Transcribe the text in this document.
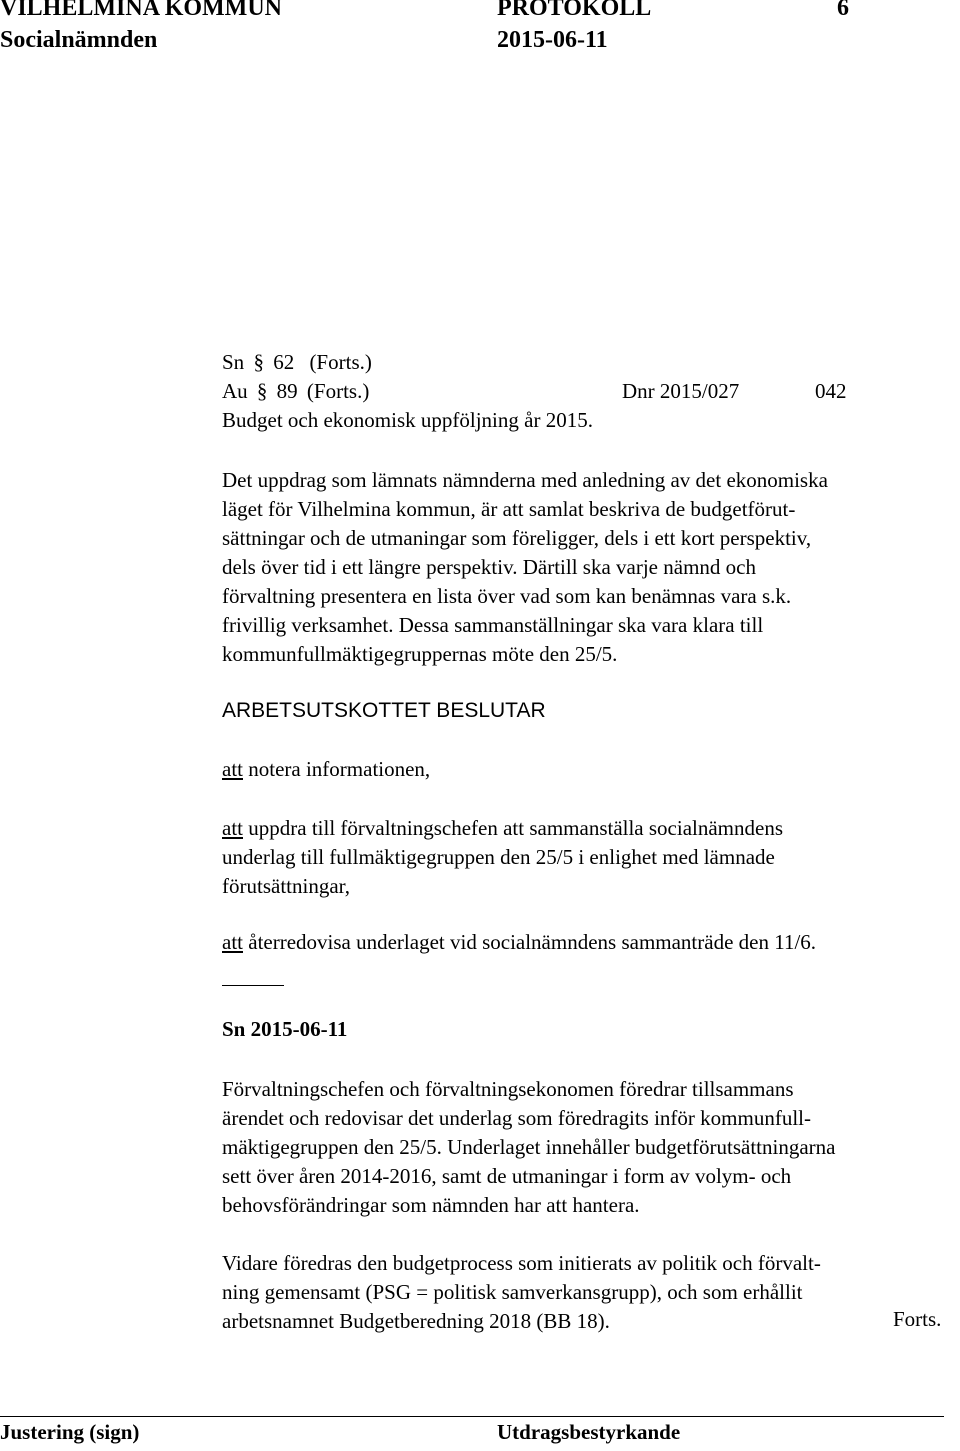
VILHELMINA KOMMUN	PROTOKOLL	6
Socialnämnden	2015-06-11
Sn § 62 (Forts.)
Au § 89 (Forts.)	Dnr 2015/027	042
Budget och ekonomisk uppföljning år 2015.
Det uppdrag som lämnats nämnderna med anledning av det ekonomiska
läget för Vilhelmina kommun, är att samlat beskriva de budgetförut-
sättningar och de utmaningar som föreligger, dels i ett kort perspektiv,
dels över tid i ett längre perspektiv. Därtill ska varje nämnd och
förvaltning presentera en lista över vad som kan benämnas vara s.k.
frivillig verksamhet. Dessa sammanställningar ska vara klara till
kommunfullmäktigegruppernas möte den 25/5.
ARBETSUTSKOTTET BESLUTAR
att notera informationen,
att uppdra till förvaltningschefen att sammanställa socialnämndens
underlag till fullmäktigegruppen den 25/5 i enlighet med lämnade
förutsättningar,
att återredovisa underlaget vid socialnämndens sammanträde den 11/6.
Sn 2015-06-11
Förvaltningschefen och förvaltningsekonomen föredrar tillsammans
ärendet och redovisar det underlag som föredragits inför kommunfull-
mäktigegruppen den 25/5. Underlaget innehåller budgetförutsättningarna
sett över åren 2014-2016, samt de utmaningar i form av volym- och
behovsförändringar som nämnden har att hantera.
Vidare föredras den budgetprocess som initierats av politik och förvalt-
ning gemensamt (PSG = politisk samverkansgrupp), och som erhållit
arbetsnamnet Budgetberedning 2018 (BB 18).	Forts.
Justering (sign)	Utdragsbestyrkande
